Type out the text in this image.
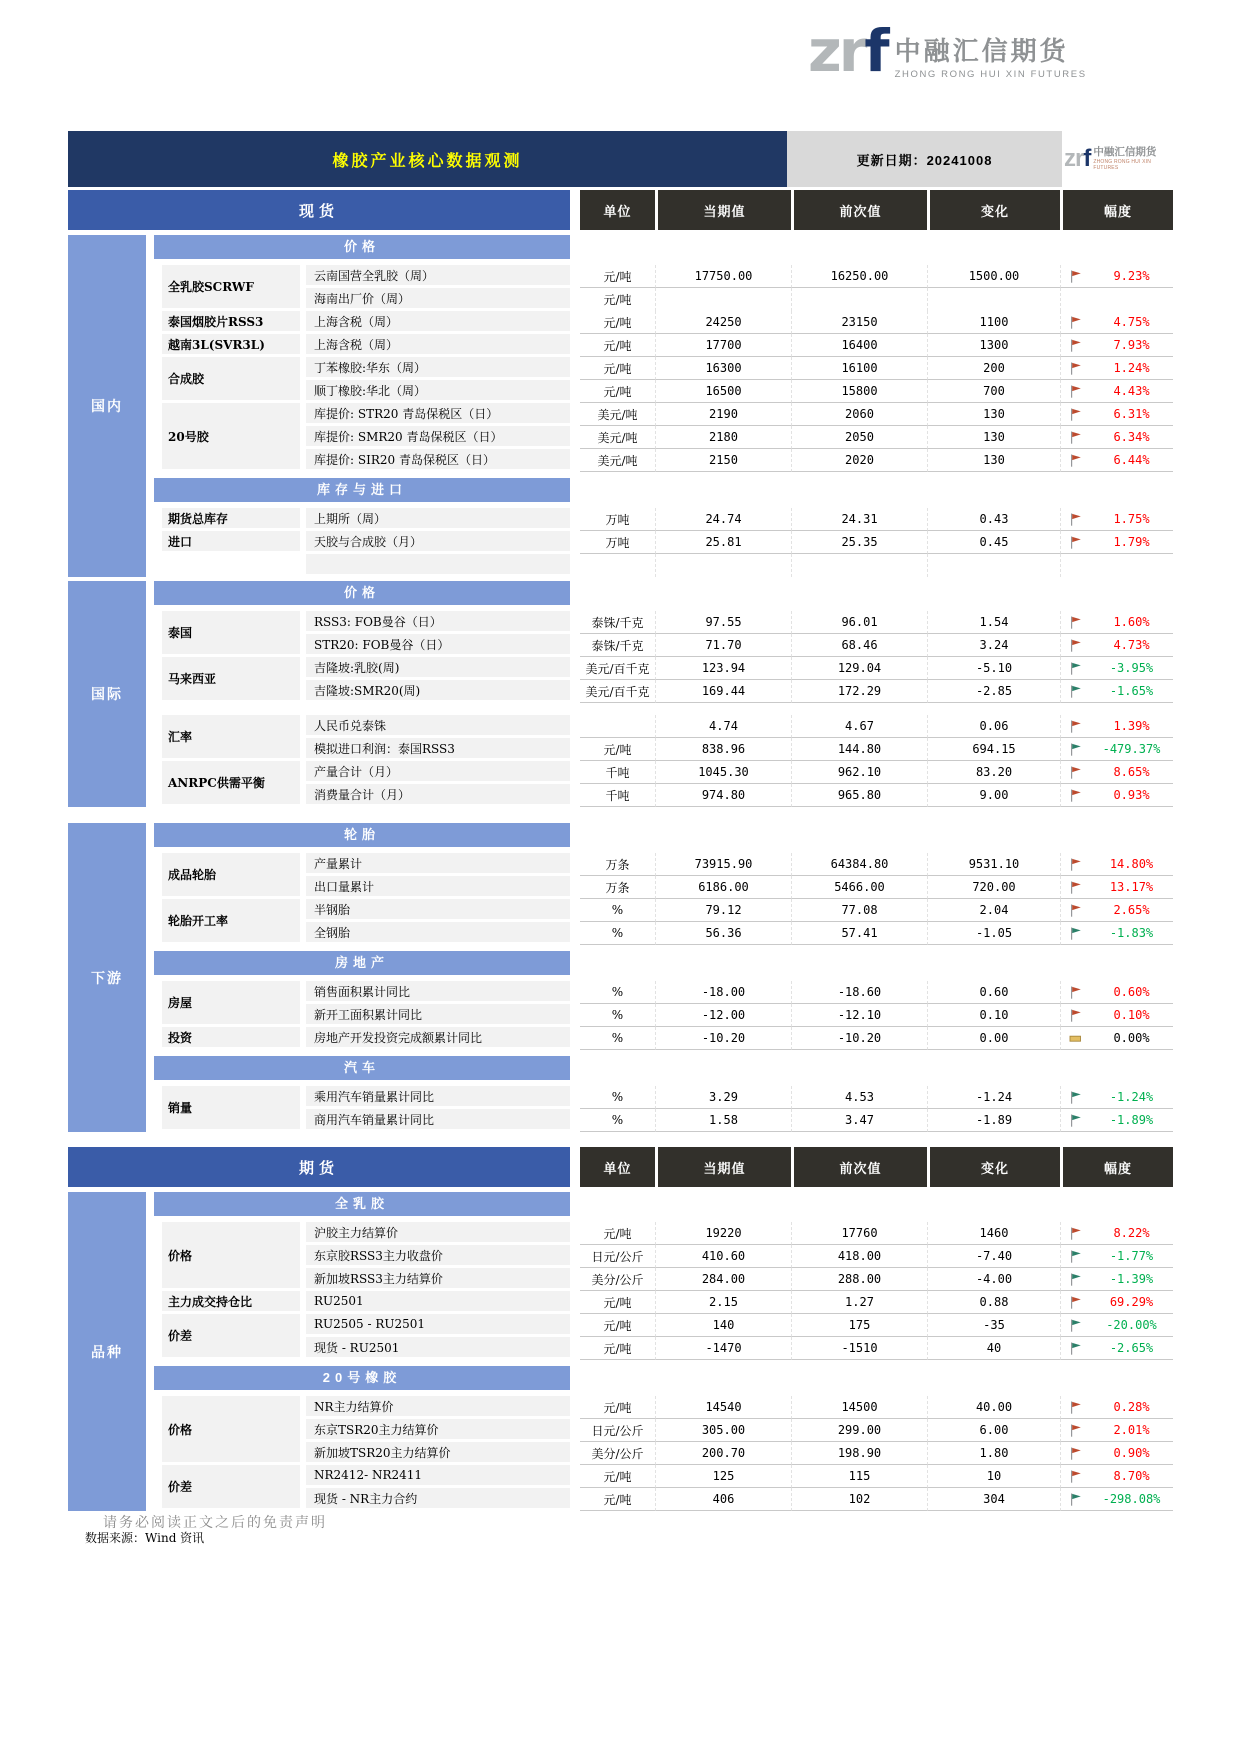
zrf 中融汇信期货
ZHONG RONG HUI XIN FUTURES
橡胶产业核心数据观测	更新日期：20241008	zr f 中融汇信期货
ZHONG RONG HUI XIN FUTURES
现货	单位	当期值	前次值	变化	幅度
国内
价格
全乳胶SCRWF	云南国营全乳胶（周）		元/吨	17750.00	16250.00	1500.00		9.23%
	海南出厂价（周）		元/吨					
泰国烟胶片RSS3	上海含税（周）		元/吨	24250	23150	1100		4.75%
越南3L(SVR3L)	上海含税（周）		元/吨	17700	16400	1300		7.93%
合成胶	丁苯橡胶:华东（周）		元/吨	16300	16100	200		1.24%
	顺丁橡胶:华北（周）		元/吨	16500	15800	700		4.43%
20号胶	库提价: STR20 青岛保税区（日）		美元/吨	2190	2060	130		6.31%
	库提价: SMR20 青岛保税区（日）		美元/吨	2180	2050	130		6.34%
	库提价: SIR20 青岛保税区（日）		美元/吨	2150	2020	130		6.44%
库存与进口
期货总库存	上期所（周）		万吨	24.74	24.31	0.43		1.75%
进口	天胶与合成胶（月）		万吨	25.81	25.35	0.45		1.79%

国际
价格
泰国	RSS3: FOB曼谷（日）		泰铢/千克	97.55	96.01	1.54		1.60%
	STR20: FOB曼谷（日）		泰铢/千克	71.70	68.46	3.24		4.73%
马来西亚	吉隆坡:乳胶(周)		美元/百千克	123.94	129.04	-5.10		-3.95%
	吉隆坡:SMR20(周)		美元/百千克	169.44	172.29	-2.85		-1.65%

汇率	人民币兑泰铢			4.74	4.67	0.06		1.39%
	模拟进口利润：泰国RSS3		元/吨	838.96	144.80	694.15		-479.37%
ANRPC供需平衡	产量合计（月）		千吨	1045.30	962.10	83.20		8.65%
	消费量合计（月）		千吨	974.80	965.80	9.00		0.93%
下游
轮胎
成品轮胎	产量累计		万条	73915.90	64384.80	9531.10		14.80%
	出口量累计		万条	6186.00	5466.00	720.00		13.17%
轮胎开工率	半钢胎		%	79.12	77.08	2.04		2.65%
	全钢胎		%	56.36	57.41	-1.05		-1.83%
房地产
房屋	销售面积累计同比		%	-18.00	-18.60	0.60		0.60%
	新开工面积累计同比		%	-12.00	-12.10	0.10		0.10%
投资	房地产开发投资完成额累计同比		%	-10.20	-10.20	0.00		0.00%
汽车
销量	乘用汽车销量累计同比		%	3.29	4.53	-1.24		-1.24%
	商用汽车销量累计同比		%	1.58	3.47	-1.89		-1.89%
期货	单位	当期值	前次值	变化	幅度
品种
全乳胶
价格	沪胶主力结算价		元/吨	19220	17760	1460		8.22%
	东京胶RSS3主力收盘价		日元/公斤	410.60	418.00	-7.40		-1.77%
	新加坡RSS3主力结算价		美分/公斤	284.00	288.00	-4.00		-1.39%
主力成交持仓比	RU2501		元/吨	2.15	1.27	0.88		69.29%
价差	RU2505 - RU2501		元/吨	140	175	-35		-20.00%
	现货 - RU2501		元/吨	-1470	-1510	40		-2.65%
20号橡胶
价格	NR主力结算价		元/吨	14540	14500	40.00		0.28%
	东京TSR20主力结算价		日元/公斤	305.00	299.00	6.00		2.01%
	新加坡TSR20主力结算价		美分/公斤	200.70	198.90	1.80		0.90%
价差	NR2412- NR2411		元/吨	125	115	10		8.70%
	现货 - NR主力合约		元/吨	406	102	304		-298.08%
数据来源：Wind 资讯
请务必阅读正文之后的免责声明
